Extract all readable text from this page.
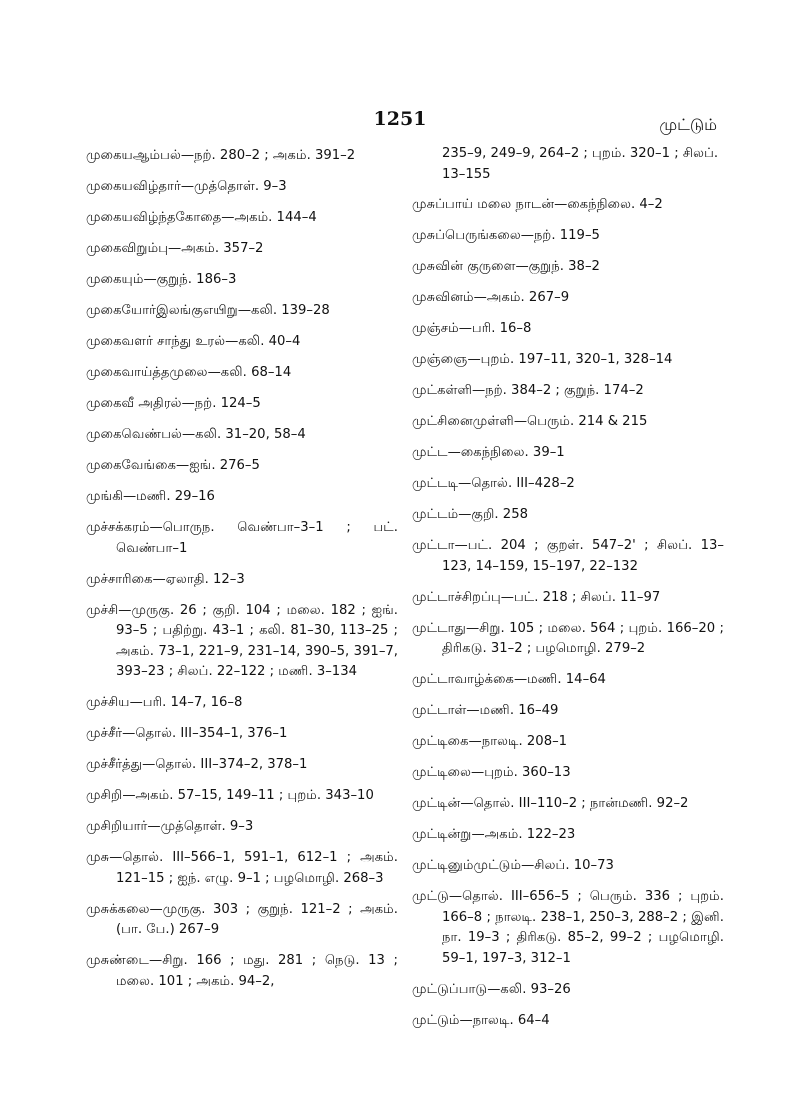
1251	முட்டும்
முகையஆம்பல்—நற். 280–2 ; அகம். 391–2
முகையவிழ்தார்—முத்தொள். 9–3
முகையவிழ்ந்தகோதை—அகம். 144–4
முகைவிறும்பு—அகம். 357–2
முகையும்—குறுந். 186–3
முகையோர்இலங்குஎயிறு—கலி. 139–28
முகைவளர் சாந்து உரல்—கலி. 40–4
முகைவாய்த்தமுலை—கலி. 68–14
முகைவீ அதிரல்—நற். 124–5
முகைவெண்பல்—கலி. 31–20, 58–4
முகைவேங்கை—ஐங். 276–5
முங்கி—மணி. 29–16
முச்சக்கரம்—பொருந. வெண்பா–3–1 ; பட். வெண்பா–1
முச்சாரிகை—ஏலாதி. 12–3
முச்சி—முருகு. 26 ; குறி. 104 ; மலை. 182 ; ஐங். 93–5 ; பதிற்று. 43–1 ; கலி. 81–30, 113–25 ; அகம். 73–1, 221–9, 231–14, 390–5, 391–7, 393–23 ; சிலப். 22–122 ; மணி. 3–134
முச்சிய—பரி. 14–7, 16–8
முச்சீர்—தொல். III–354–1, 376–1
முச்சீர்த்து—தொல். III–374–2, 378–1
முசிறி—அகம். 57–15, 149–11 ; புறம். 343–10
முசிறியார்—முத்தொள். 9–3
முசு—தொல். III–566–1, 591–1, 612–1 ; அகம். 121–15 ; ஐந். எழு. 9–1 ; பழமொழி. 268–3
முசுக்கலை—முருகு. 303 ; குறுந். 121–2 ; அகம். (பா. பே.) 267–9
முசுண்டை—சிறு. 166 ; மது. 281 ; நெடு. 13 ; மலை. 101 ; அகம். 94–2,
235–9, 249–9, 264–2 ; புறம். 320–1 ; சிலப். 13–155
முசுப்பாய் மலை நாடன்—கைந்நிலை. 4–2
முசுப்பெருங்கலை—நற். 119–5
முசுவின் குருளை—குறுந். 38–2
முசுவினம்—அகம். 267–9
முஞ்சம்—பரி. 16–8
முஞ்ஞை—புறம். 197–11, 320–1, 328–14
முட்கள்ளி—நற். 384–2 ; குறுந். 174–2
முட்சினைமுள்ளி—பெரும். 214 & 215
முட்ட—கைந்நிலை. 39–1
முட்டடி—தொல். III–428–2
முட்டம்—குறி. 258
முட்டா—பட். 204 ; குறள். 547–2' ; சிலப். 13–123, 14–159, 15–197, 22–132
முட்டாச்சிறப்பு—பட். 218 ; சிலப். 11–97
முட்டாது—சிறு. 105 ; மலை. 564 ; புறம். 166–20 ; திரிகடு. 31–2 ; பழமொழி. 279–2
முட்டாவாழ்க்கை—மணி. 14–64
முட்டாள்—மணி. 16–49
முட்டிகை—நாலடி. 208–1
முட்டிலை—புறம். 360–13
முட்டின்—தொல். III–110–2 ; நான்மணி. 92–2
முட்டின்று—அகம். 122–23
முட்டினும்முட்டும்—சிலப். 10–73
முட்டு—தொல். III–656–5 ; பெரும். 336 ; புறம். 166–8 ; நாலடி. 238–1, 250–3, 288–2 ; இனி. நா. 19–3 ; திரிகடு. 85–2, 99–2 ; பழமொழி. 59–1, 197–3, 312–1
முட்டுப்பாடு—கலி. 93–26
முட்டும்—நாலடி. 64–4
